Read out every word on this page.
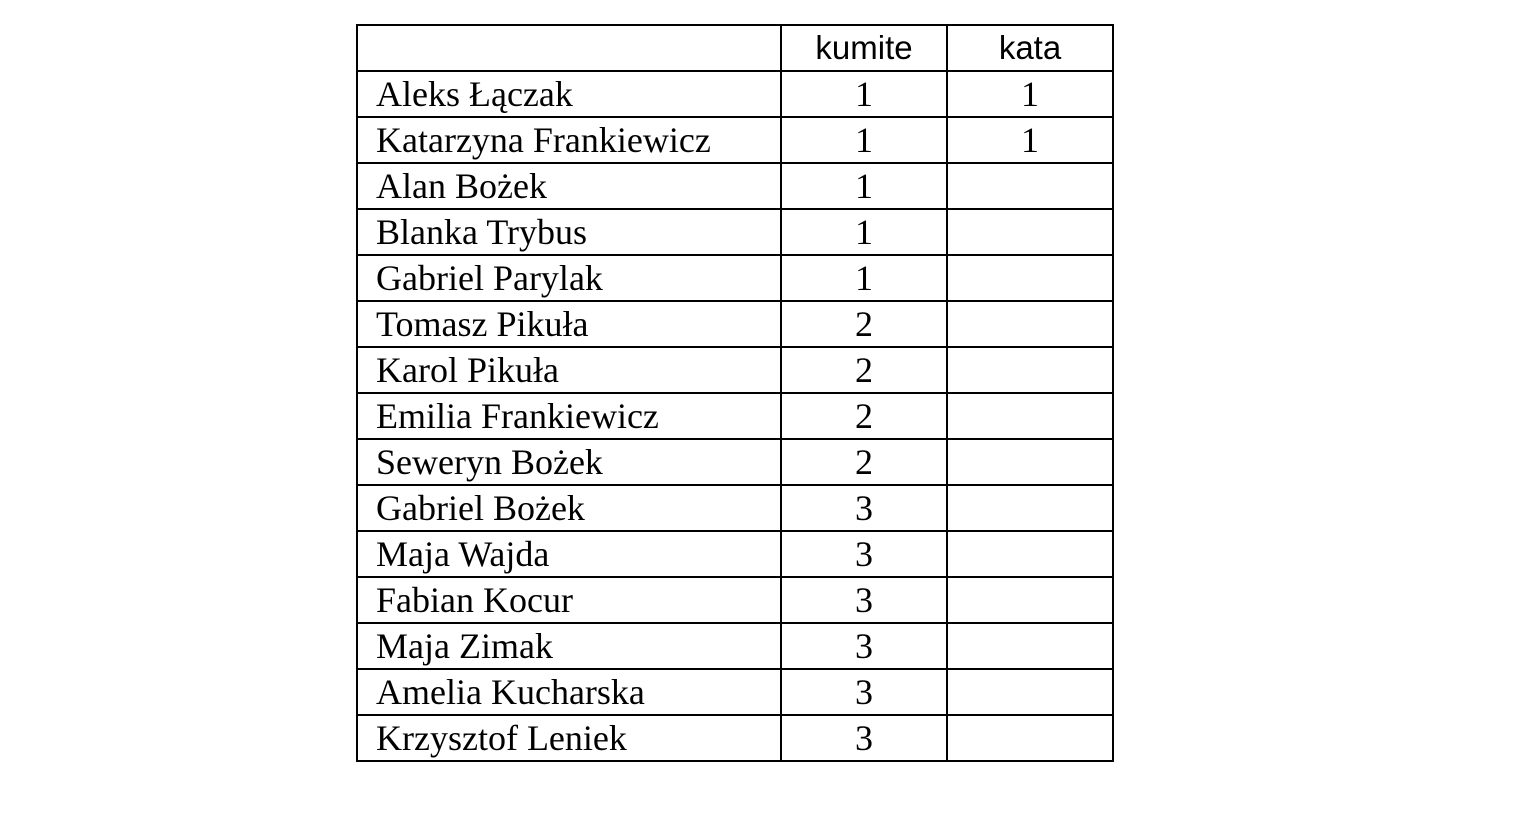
	kumite	kata
Aleks Łączak	1	1
Katarzyna Frankiewicz	1	1
Alan Bożek	1	
Blanka Trybus	1	
Gabriel Parylak	1	
Tomasz Pikuła	2	
Karol Pikuła	2	
Emilia Frankiewicz	2	
Seweryn Bożek	2	
Gabriel Bożek	3	
Maja Wajda	3	
Fabian Kocur	3	
Maja Zimak	3	
Amelia Kucharska	3	
Krzysztof Leniek	3	
